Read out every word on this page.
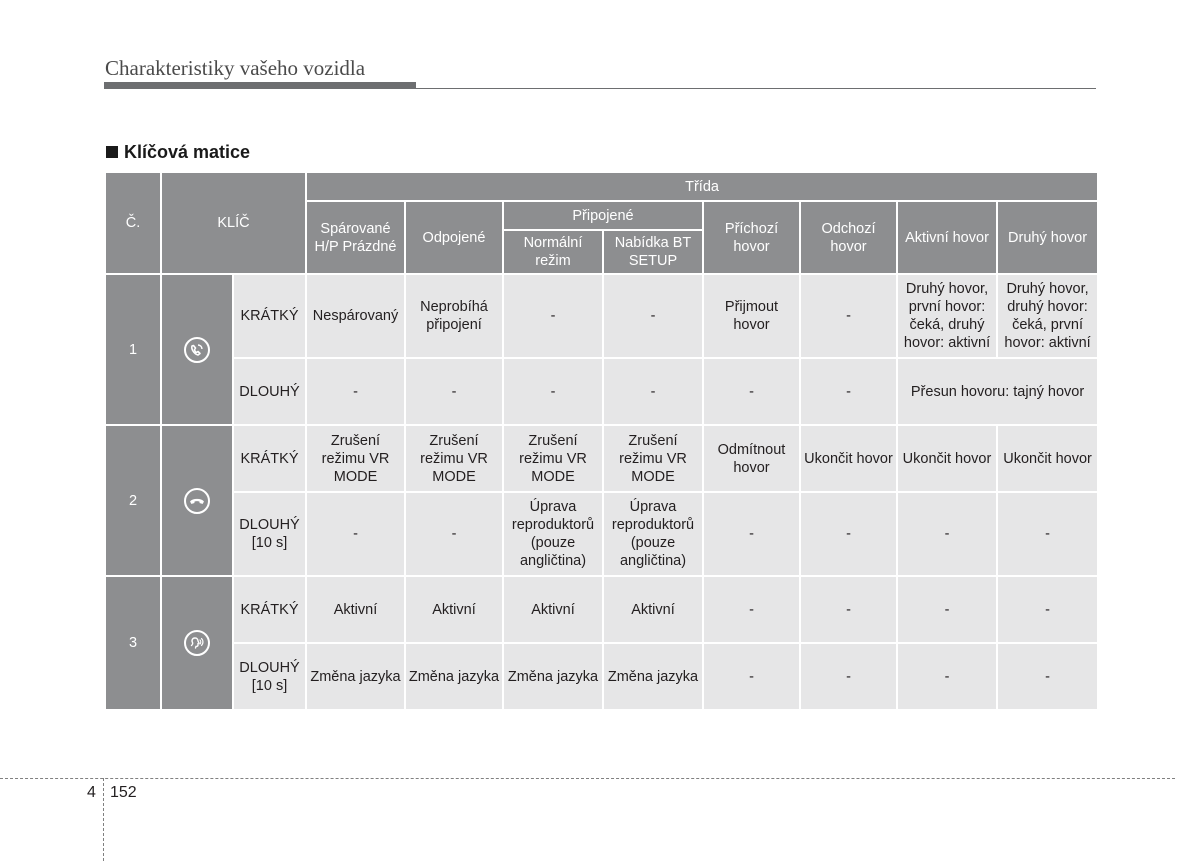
Charakteristiky vašeho vozidla
Klíčová matice
Č.	KLÍČ		Třída							
			Spárované H/P Prázdné	Odpojené	Připojené		Příchozí hovor	Odchozí hovor	Aktivní hovor	Druhý hovor
					Normální režim	Nabídka BT SETUP				
1		KRÁTKÝ	Nespárovaný	Neprobíhá připojení	-	-	Přijmout hovor	-	Druhý hovor, první hovor: čeká, druhý hovor: aktivní	Druhý hovor, druhý hovor: čeká, první hovor: aktivní
		DLOUHÝ	-	-	-	-	-	-	Přesun hovoru: tajný hovor	
2		KRÁTKÝ	Zrušení režimu VR MODE	Zrušení režimu VR MODE	Zrušení režimu VR MODE	Zrušení režimu VR MODE	Odmítnout hovor	Ukončit hovor	Ukončit hovor	Ukončit hovor
		DLOUHÝ [10 s]	-	-	Úprava reproduktorů (pouze angličtina)	Úprava reproduktorů (pouze angličtina)	-	-	-	-
3		KRÁTKÝ	Aktivní	Aktivní	Aktivní	Aktivní	-	-	-	-
		DLOUHÝ [10 s]	Změna jazyka	Změna jazyka	Změna jazyka	Změna jazyka	-	-	-	-
4 152
